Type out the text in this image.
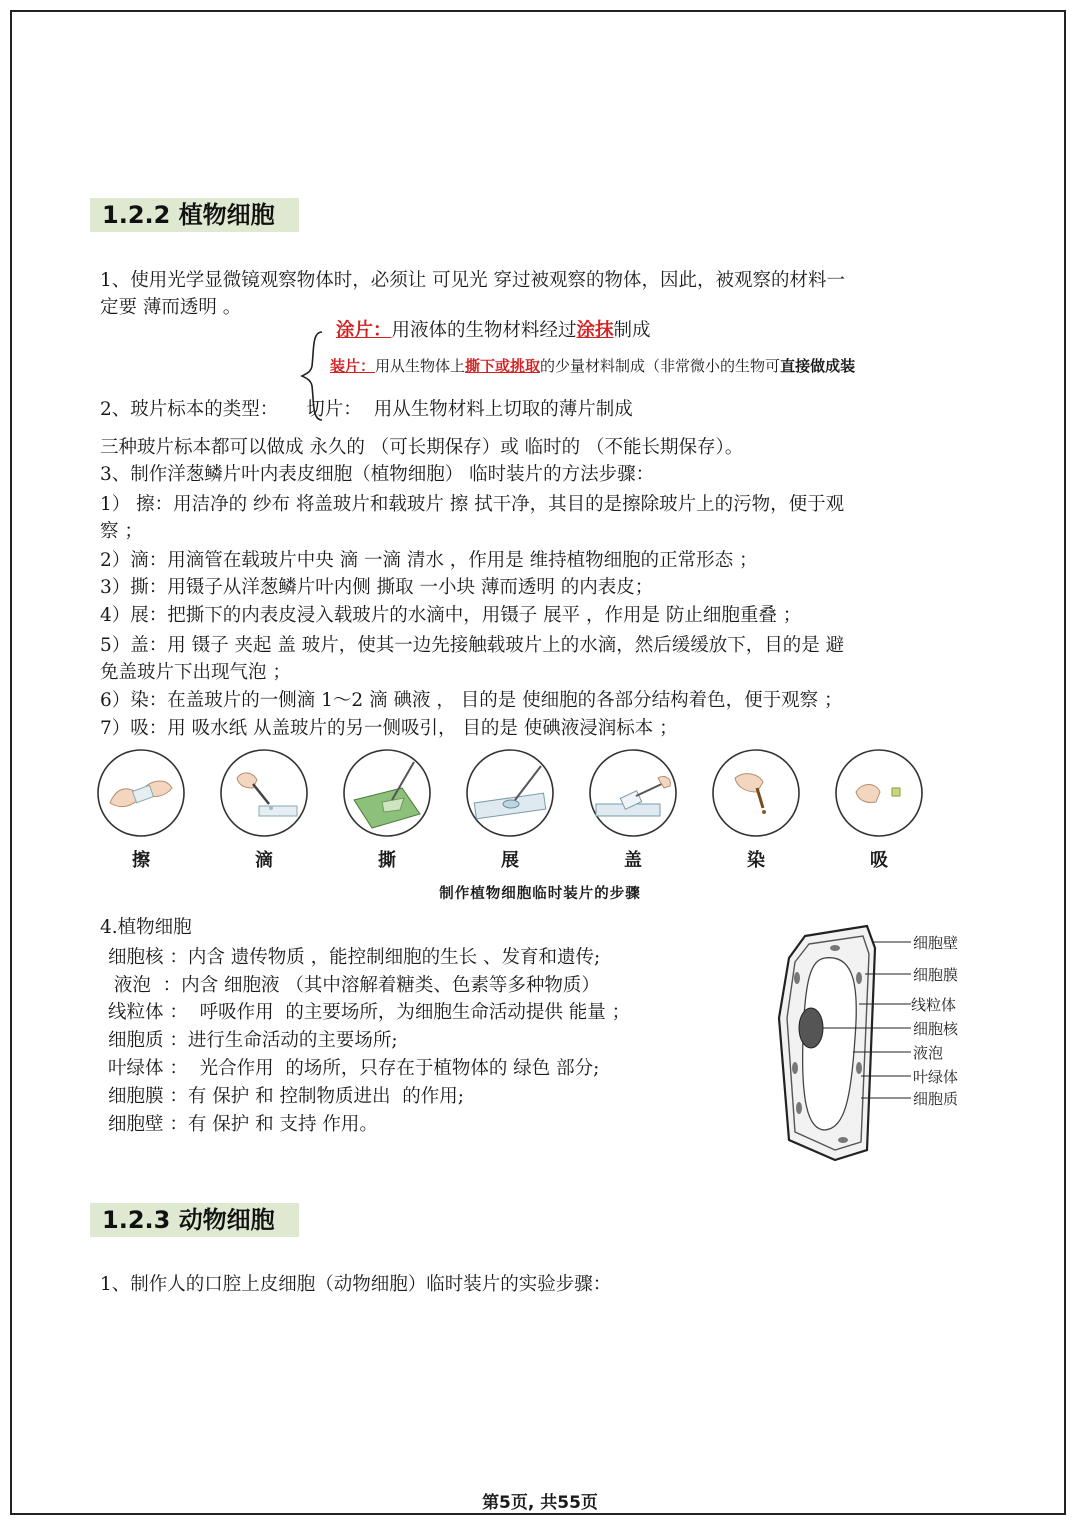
1.2.2 植物细胞
1、使用光学显微镜观察物体时，必须让 可见光 穿过被观察的物体，因此，被观察的材料一
定要 薄而透明 。
涂片：用液体的生物材料经过涂抹制成
装片：用从生物体上撕下或挑取的少量材料制成（非常微小的生物可直接做成装
2、玻片标本的类型： 切片： 用从生物材料上切取的薄片制成
三种玻片标本都可以做成 永久的 （可长期保存）或 临时的 （不能长期保存）。
3、制作洋葱鳞片叶内表皮细胞（植物细胞） 临时装片的方法步骤：
1） 擦：用洁净的 纱布 将盖玻片和载玻片 擦 拭干净，其目的是擦除玻片上的污物，便于观
察 ；
2）滴：用滴管在载玻片中央 滴 一滴 清水 ，作用是 维持植物细胞的正常形态 ；
3）撕：用镊子从洋葱鳞片叶内侧 撕取 一小块 薄而透明 的内表皮；
4）展：把撕下的内表皮浸入载玻片的水滴中，用镊子 展平 ，作用是 防止细胞重叠 ；
5）盖：用 镊子 夹起 盖 玻片，使其一边先接触载玻片上的水滴，然后缓缓放下，目的是 避
免盖玻片下出现气泡 ；
6）染：在盖玻片的一侧滴 1～2 滴 碘液 ， 目的是 使细胞的各部分结构着色，便于观察 ；
7）吸：用 吸水纸 从盖玻片的另一侧吸引， 目的是 使碘液浸润标本 ；
擦	滴	撕	展	盖	染	吸
制作植物细胞临时装片的步骤
4.植物细胞
细胞核 ：内含 遗传物质 ，能控制细胞的生长 、发育和遗传;
液泡  ：内含 细胞液 （其中溶解着糖类、色素等多种物质）
线粒体 ：  呼吸作用  的主要场所，为细胞生命活动提供 能量 ；
细胞质 ：进行生命活动的主要场所;
叶绿体 ：  光合作用  的场所，只存在于植物体的 绿色 部分;
细胞膜 ：有 保护 和 控制物质进出  的作用;
细胞壁 ：有 保护 和 支持 作用。
细胞壁
细胞膜
线粒体
细胞核
液泡
叶绿体
细胞质
1.2.3 动物细胞
1、制作人的口腔上皮细胞（动物细胞）临时装片的实验步骤：
第5页, 共55页
